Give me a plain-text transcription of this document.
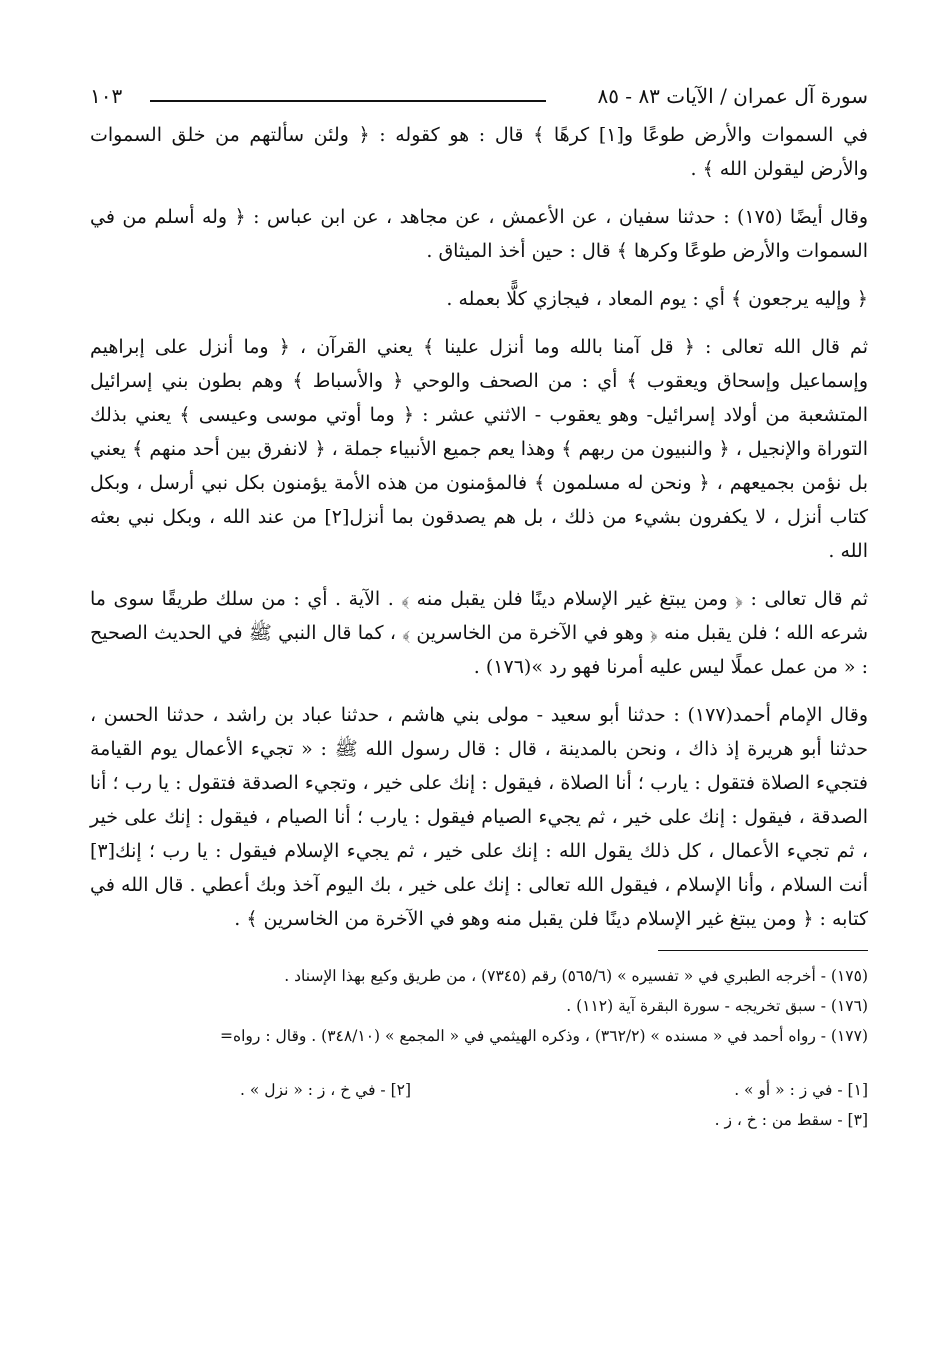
سورة آل عمران / الآيات ٨٣ - ٨٥
١٠٣

في السموات والأرض طوعًا و[١] كرهًا ﴾ قال : هو كقوله : ﴿ ولئن سألتهم من خلق السموات والأرض ليقولن الله ﴾ .

وقال أيضًا (١٧٥) : حدثنا سفيان ، عن الأعمش ، عن مجاهد ، عن ابن عباس : ﴿ وله أسلم من في السموات والأرض طوعًا وكرها ﴾ قال : حين أخذ الميثاق .

﴿ وإليه يرجعون ﴾ أي : يوم المعاد ، فيجازي كلًّا بعمله .

ثم قال الله تعالى : ﴿ قل آمنا بالله وما أنزل علينا ﴾ يعني القرآن ، ﴿ وما أنزل على إبراهيم وإسماعيل وإسحاق ويعقوب ﴾ أي : من الصحف والوحي ﴿ والأسباط ﴾ وهم بطون بني إسرائيل المتشعبة من أولاد إسرائيل- وهو يعقوب - الاثني عشر : ﴿ وما أوتي موسى وعيسى ﴾ يعني بذلك التوراة والإنجيل ، ﴿ والنبيون من ربهم ﴾ وهذا يعم جميع الأنبياء جملة ، ﴿ لانفرق بين أحد منهم ﴾ يعني بل نؤمن بجميعهم ، ﴿ ونحن له مسلمون ﴾ فالمؤمنون من هذه الأمة يؤمنون بكل نبي أرسل ، وبكل كتاب أنزل ، لا يكفرون بشيء من ذلك ، بل هم يصدقون بما أنزل[٢] من عند الله ، وبكل نبي بعثه الله .

ثم قال تعالى : ﴿ ومن يبتغ غير الإسلام دينًا فلن يقبل منه ﴾ . الآية . أي : من سلك طريقًا سوى ما شرعه الله ؛ فلن يقبل منه ﴿ وهو في الآخرة من الخاسرين ﴾ ، كما قال النبي ﷺ في الحديث الصحيح : « من عمل عملًا ليس عليه أمرنا فهو رد »(١٧٦) .

وقال الإمام أحمد(١٧٧) : حدثنا أبو سعيد - مولى بني هاشم ، حدثنا عباد بن راشد ، حدثنا الحسن ، حدثنا أبو هريرة إذ ذاك ، ونحن بالمدينة ، قال : قال رسول الله ﷺ : « تجيء الأعمال يوم القيامة فتجيء الصلاة فتقول : يارب ؛ أنا الصلاة ، فيقول : إنك على خير ، وتجيء الصدقة فتقول : يا رب ؛ أنا الصدقة ، فيقول : إنك على خير ، ثم يجيء الصيام فيقول : يارب ؛ أنا الصيام ، فيقول : إنك على خير ، ثم تجيء الأعمال ، كل ذلك يقول الله : إنك على خير ، ثم يجيء الإسلام فيقول : يا رب ؛ إنك[٣] أنت السلام ، وأنا الإسلام ، فيقول الله تعالى : إنك على خير ، بك اليوم آخذ وبك أعطي . قال الله في كتابه : ﴿ ومن يبتغ غير الإسلام دينًا فلن يقبل منه وهو في الآخرة من الخاسرين ﴾ .

(١٧٥) - أخرجه الطبري في « تفسيره » (٥٦٥/٦) رقم (٧٣٤٥) ، من طريق وكيع بهذا الإسناد .

(١٧٦) - سبق تخريجه - سورة البقرة آية (١١٢) .

(١٧٧) - رواه أحمد في « مسنده » (٣٦٢/٢) ، وذكره الهيثمي في « المجمع » (٣٤٨/١٠) . وقال : رواه=

[١] - في ز : « أو » .
[٢] - في خ ، ز : « نزل » .
[٣] - سقط من : خ ، ز .
